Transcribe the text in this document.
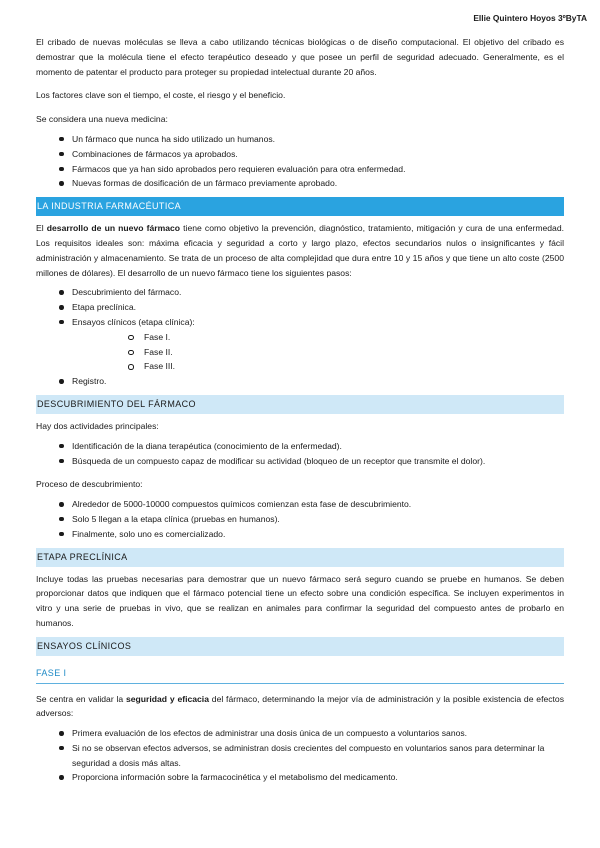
Ellie Quintero Hoyos 3ºByTA

El cribado de nuevas moléculas se lleva a cabo utilizando técnicas biológicas o de diseño computacional. El objetivo del cribado es demostrar que la molécula tiene el efecto terapéutico deseado y que posee un perfil de seguridad adecuado. Generalmente, es el momento de patentar el producto para proteger su propiedad intelectual durante 20 años.

Los factores clave son el tiempo, el coste, el riesgo y el beneficio.

Se considera una nueva medicina:

Un fármaco que nunca ha sido utilizado un humanos.
Combinaciones de fármacos ya aprobados.
Fármacos que ya han sido aprobados pero requieren evaluación para otra enfermedad.
Nuevas formas de dosificación de un fármaco previamente aprobado.
LA INDUSTRIA FARMACÉUTICA

El desarrollo de un nuevo fármaco tiene como objetivo la prevención, diagnóstico, tratamiento, mitigación y cura de una enfermedad. Los requisitos ideales son: máxima eficacia y seguridad a corto y largo plazo, efectos secundarios nulos o insignificantes y fácil administración y almacenamiento. Se trata de un proceso de alta complejidad que dura entre 10 y 15 años y que tiene un alto coste (2500 millones de dólares). El desarrollo de un nuevo fármaco tiene los siguientes pasos:

Descubrimiento del fármaco.
Etapa preclínica.
Ensayos clínicos (etapa clínica):
Fase I.
Fase II.
Fase III.
Registro.
DESCUBRIMIENTO DEL FÁRMACO

Hay dos actividades principales:

Identificación de la diana terapéutica (conocimiento de la enfermedad).
Búsqueda de un compuesto capaz de modificar su actividad (bloqueo de un receptor que transmite el dolor).

Proceso de descubrimiento:

Alrededor de 5000-10000 compuestos químicos comienzan esta fase de descubrimiento.
Solo 5 llegan a la etapa clínica (pruebas en humanos).
Finalmente, solo uno es comercializado.
ETAPA PRECLÍNICA

Incluye todas las pruebas necesarias para demostrar que un nuevo fármaco será seguro cuando se pruebe en humanos. Se deben proporcionar datos que indiquen que el fármaco potencial tiene un efecto sobre una condición específica. Se incluyen experimentos in vitro y una serie de pruebas in vivo, que se realizan en animales para confirmar la seguridad del compuesto antes de probarlo en humanos.

ENSAYOS CLÍNICOS
FASE I

Se centra en validar la seguridad y eficacia del fármaco, determinando la mejor vía de administración y la posible existencia de efectos adversos:

Primera evaluación de los efectos de administrar una dosis única de un compuesto a voluntarios sanos.
Si no se observan efectos adversos, se administran dosis crecientes del compuesto en voluntarios sanos para determinar la seguridad a dosis más altas.
Proporciona información sobre la farmacocinética y el metabolismo del medicamento.
